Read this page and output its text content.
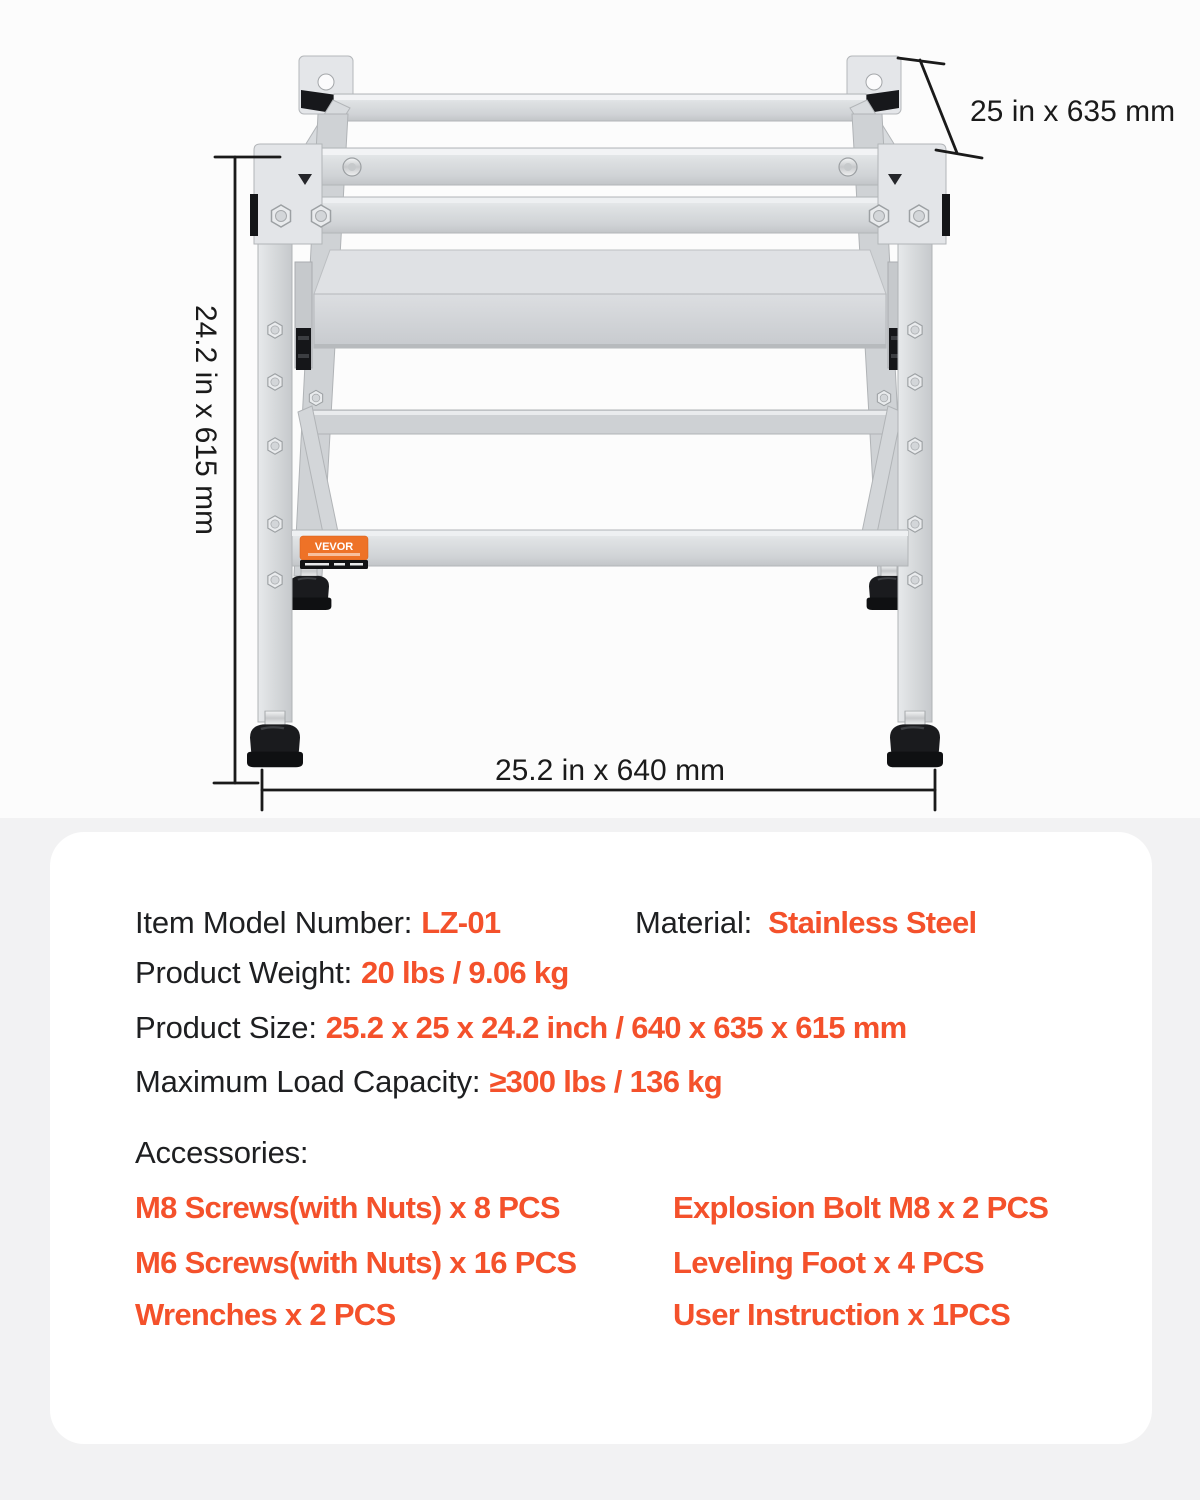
VEVOR
25 in x 635 mm
24.2 in x 615 mm
25.2 in x 640 mm
Item Model Number: LZ-01	Material: Stainless Steel
Product Weight: 20 lbs / 9.06 kg
Product Size: 25.2 x 25 x 24.2 inch / 640 x 635 x 615 mm
Maximum Load Capacity: ≥300 lbs / 136 kg
Accessories:
M8 Screws(with Nuts) x 8 PCS	Explosion Bolt M8 x 2 PCS
M6 Screws(with Nuts) x 16 PCS	Leveling Foot x 4 PCS
Wrenches x 2 PCS	User Instruction x 1PCS
